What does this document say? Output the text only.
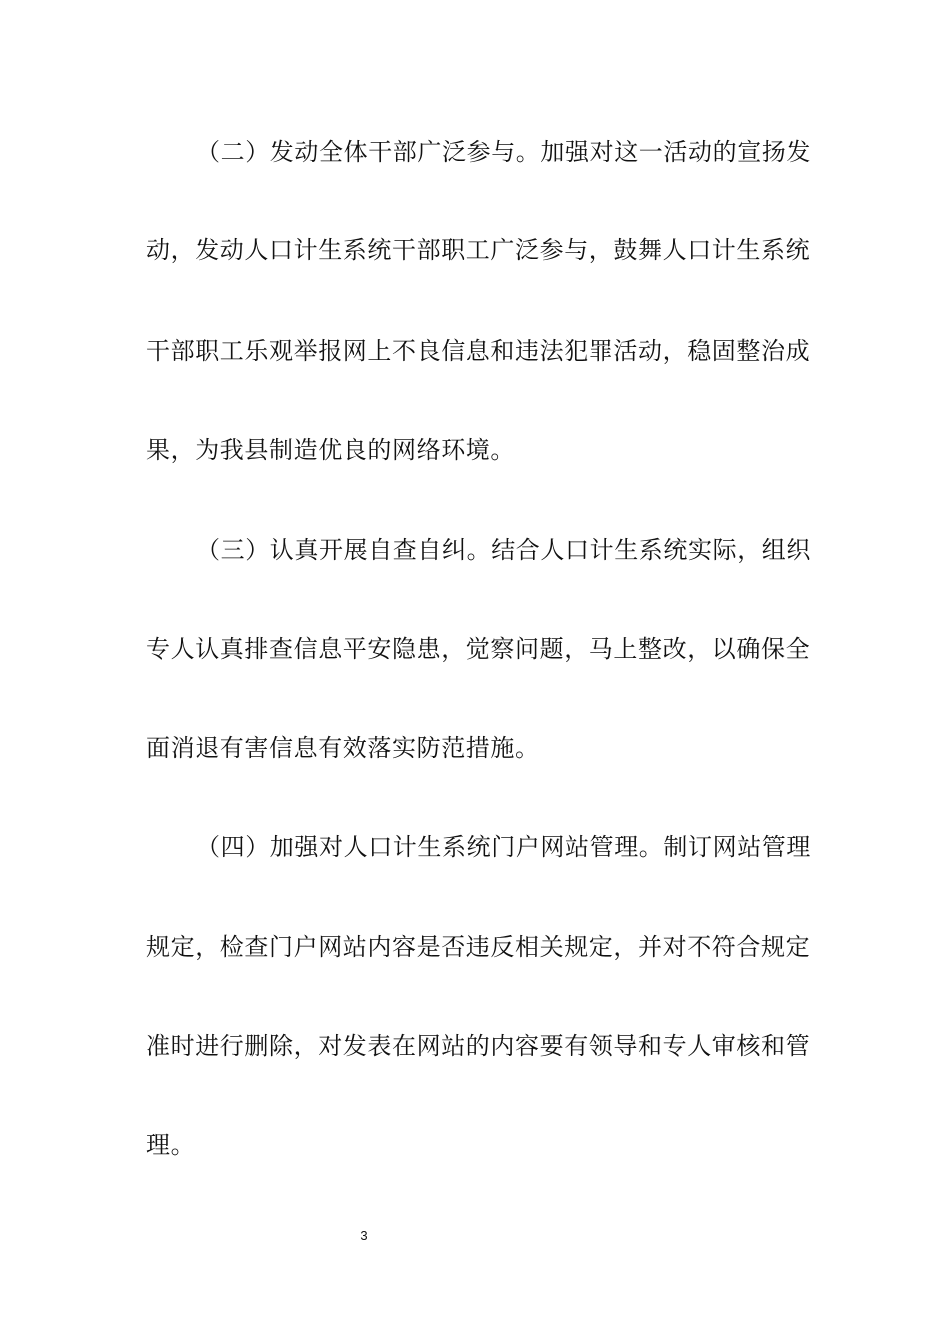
（二）发动全体干部广泛参与。加强对这一活动的宣扬发
动，发动人口计生系统干部职工广泛参与，鼓舞人口计生系统
干部职工乐观举报网上不良信息和违法犯罪活动，稳固整治成
果，为我县制造优良的网络环境。
（三）认真开展自查自纠。结合人口计生系统实际，组织
专人认真排查信息平安隐患，觉察问题，马上整改，以确保全
面消退有害信息有效落实防范措施。
（四）加强对人口计生系统门户网站管理。制订网站管理
规定，检查门户网站内容是否违反相关规定，并对不符合规定
准时进行删除，对发表在网站的内容要有领导和专人审核和管
理。
3
